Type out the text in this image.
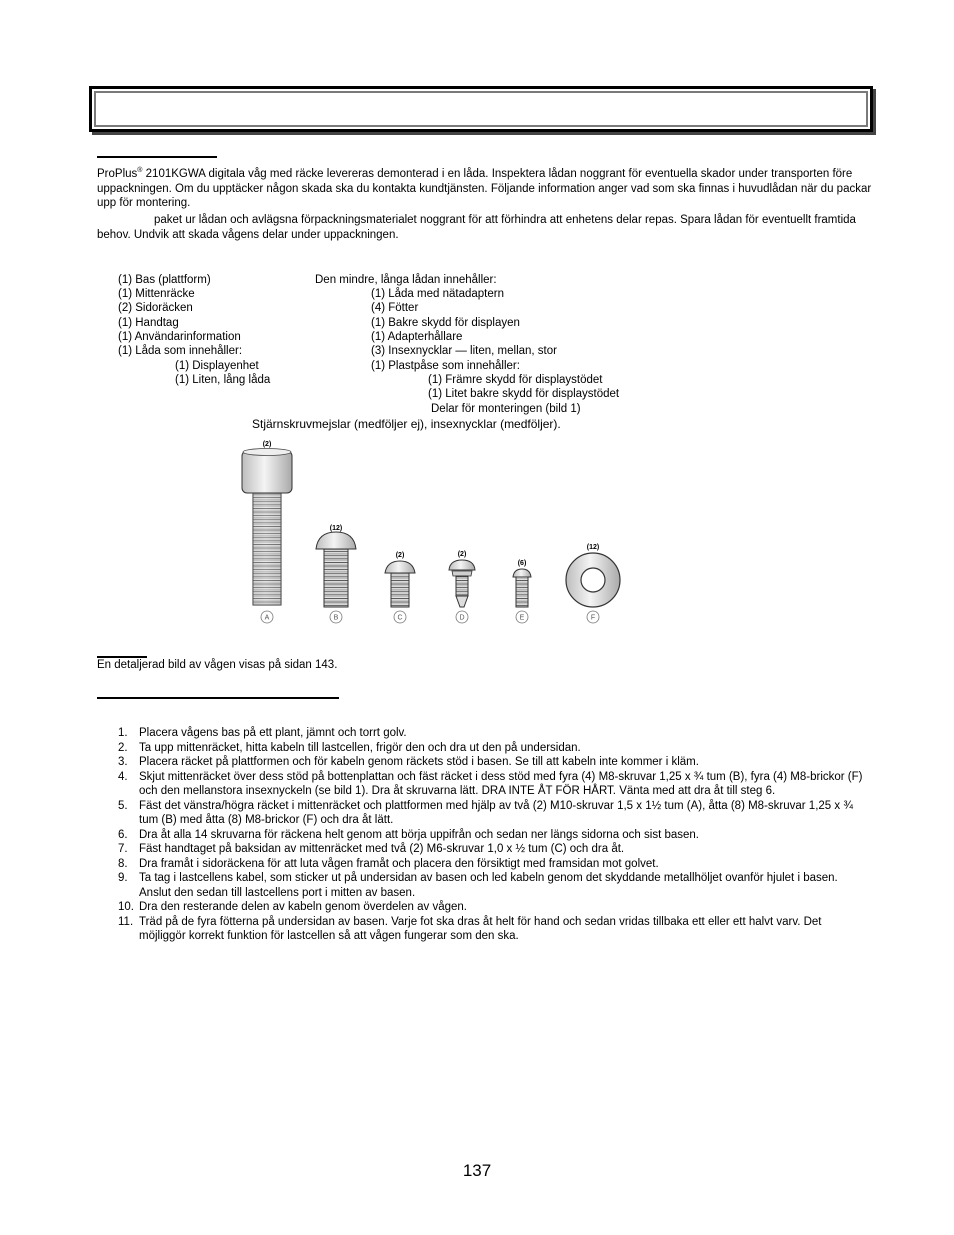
ProPlus® 2101KGWA digitala våg med räcke levereras demonterad i en låda. Inspektera lådan noggrant för eventuella skador under transporten före uppackningen. Om du upptäcker någon skada ska du kontakta kundtjänsten. Följande information anger vad som ska finnas i huvudlådan när du packar upp för montering.

paket ur lådan och avlägsna förpackningsmaterialet noggrant för att förhindra att enhetens delar repas. Spara lådan för eventuellt framtida behov. Undvik att skada vågens delar under uppackningen.

(1) Bas (plattform)
(1) Mittenräcke
(2) Sidoräcken
(1) Handtag
(1) Användarinformation
(1) Låda som innehåller:
(1) Displayenhet
(1) Liten, lång låda
Den mindre, långa lådan innehåller:
(1) Låda med nätadaptern
(4) Fötter
(1) Bakre skydd för displayen
(1) Adapterhållare
(3) Insexnycklar — liten, mellan, stor
(1) Plastpåse som innehåller:
(1) Främre skydd för displaystödet
(1) Litet bakre skydd för displaystödet
Delar för monteringen (bild 1)
Stjärnskruvmejslar (medföljer ej), insexnycklar (medföljer).
(2)
(12)
(2)	(2)
(6)
(12)
A	B	C	D	E	F
En detaljerad bild av vågen visas på sidan 143.
1. Placera vågens bas på ett plant, jämnt och torrt golv.
2. Ta upp mittenräcket, hitta kabeln till lastcellen, frigör den och dra ut den på undersidan.
3. Placera räcket på plattformen och för kabeln genom räckets stöd i basen. Se till att kabeln inte kommer i kläm.
4. Skjut mittenräcket över dess stöd på bottenplattan och fäst räcket i dess stöd med fyra (4) M8-skruvar 1,25 x ¾ tum (B), fyra (4) M8-brickor (F) och den mellanstora insexnyckeln (se bild 1). Dra åt skruvarna lätt. DRA INTE ÅT FÖR HÅRT. Vänta med att dra åt till steg 6.
5. Fäst det vänstra/högra räcket i mittenräcket och plattformen med hjälp av två (2) M10-skruvar 1,5 x 1½ tum (A), åtta (8) M8-skruvar 1,25 x ¾ tum (B) med åtta (8) M8-brickor (F) och dra åt lätt.
6. Dra åt alla 14 skruvarna för räckena helt genom att börja uppifrån och sedan ner längs sidorna och sist basen.
7. Fäst handtaget på baksidan av mittenräcket med två (2) M6-skruvar 1,0 x ½ tum (C) och dra åt.
8. Dra framåt i sidoräckena för att luta vågen framåt och placera den försiktigt med framsidan mot golvet.
9. Ta tag i lastcellens kabel, som sticker ut på undersidan av basen och led kabeln genom det skyddande metallhöljet ovanför hjulet i basen. Anslut den sedan till lastcellens port i mitten av basen.
10. Dra den resterande delen av kabeln genom överdelen av vågen.
11. Träd på de fyra fötterna på undersidan av basen. Varje fot ska dras åt helt för hand och sedan vridas tillbaka ett eller ett halvt varv. Det möjliggör korrekt funktion för lastcellen så att vågen fungerar som den ska.
137
